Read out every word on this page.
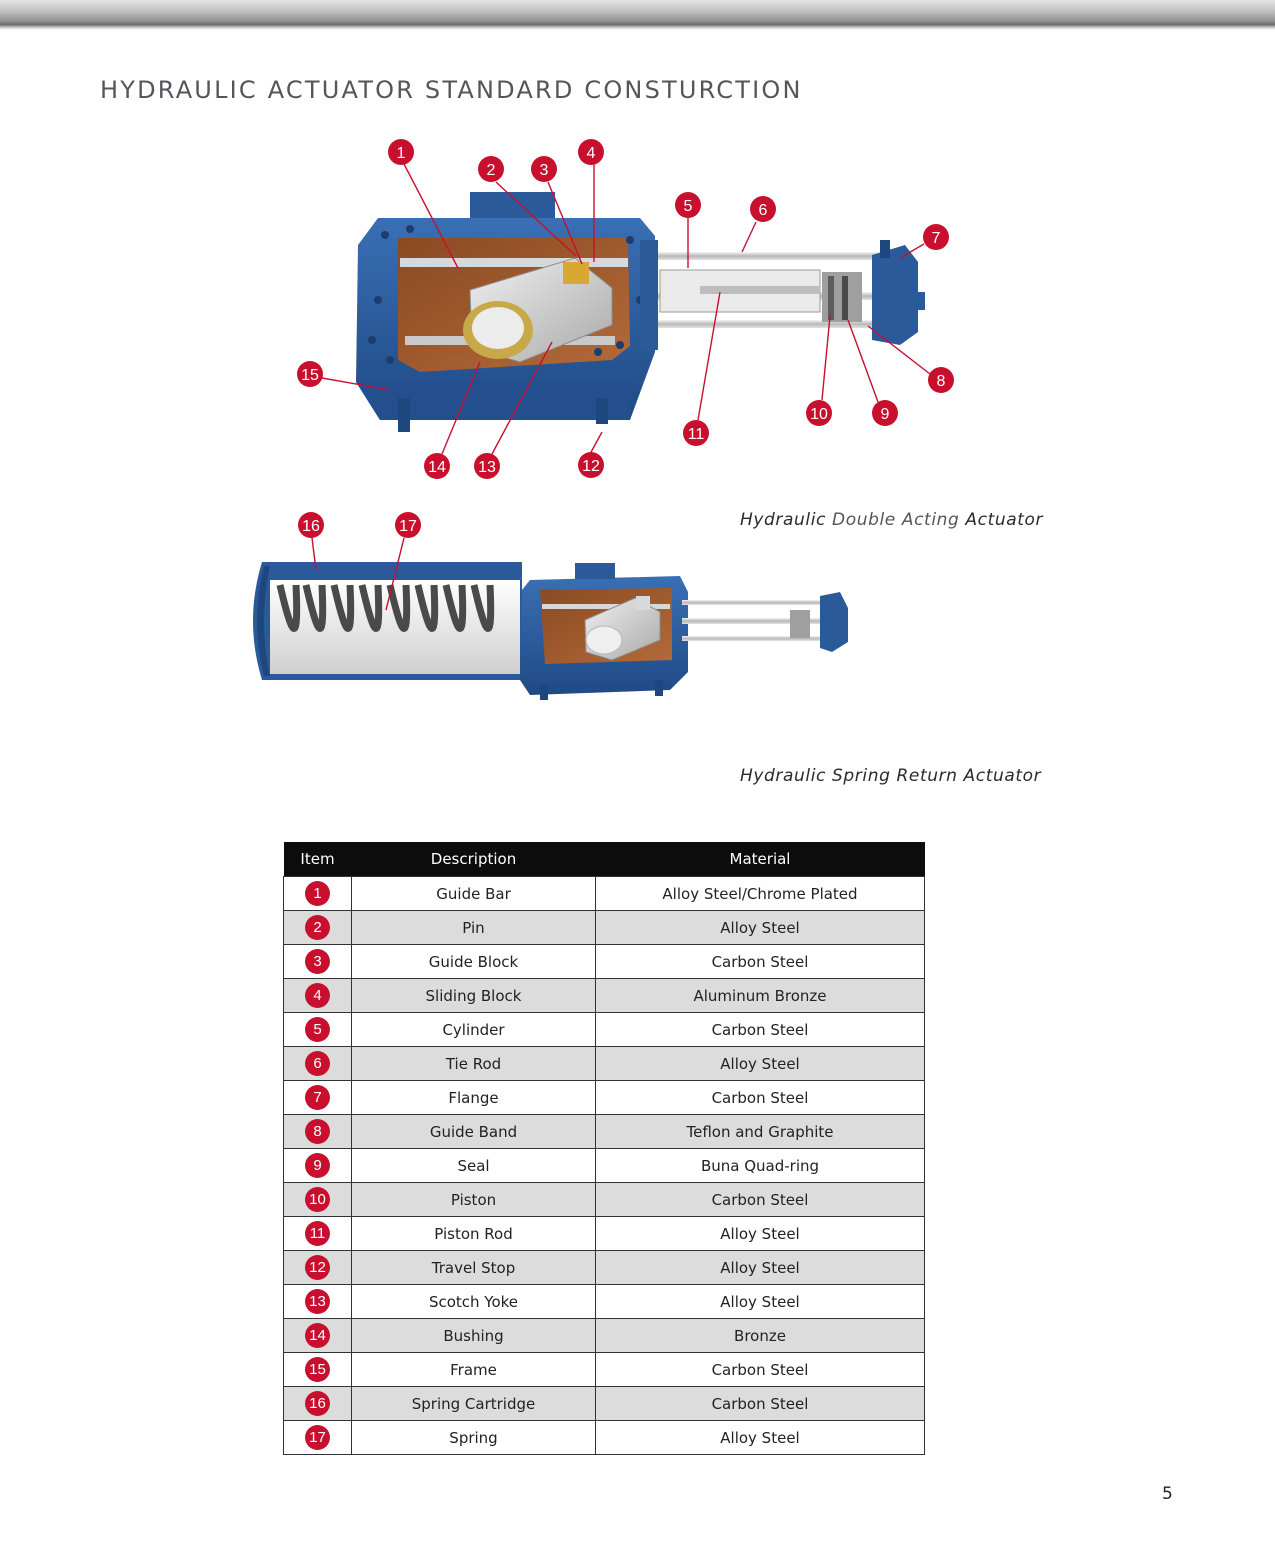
HYDRAULIC ACTUATOR STANDARD CONSTURCTION
1
2	3
4
5	6
7
8
9
10
11
12
13
14
15
16	17	Hydraulic Double Acting Actuator
Hydraulic Spring Return Actuator
Item	Description	Material
1	Guide Bar	Alloy Steel/Chrome Plated
2	Pin	Alloy Steel
3	Guide Block	Carbon Steel
4	Sliding Block	Aluminum Bronze
5	Cylinder	Carbon Steel
6	Tie Rod	Alloy Steel
7	Flange	Carbon Steel
8	Guide Band	Teflon and Graphite
9	Seal	Buna Quad-ring
10	Piston	Carbon Steel
11	Piston Rod	Alloy Steel
12	Travel Stop	Alloy Steel
13	Scotch Yoke	Alloy Steel
14	Bushing	Bronze
15	Frame	Carbon Steel
16	Spring Cartridge	Carbon Steel
17	Spring	Alloy Steel
5
